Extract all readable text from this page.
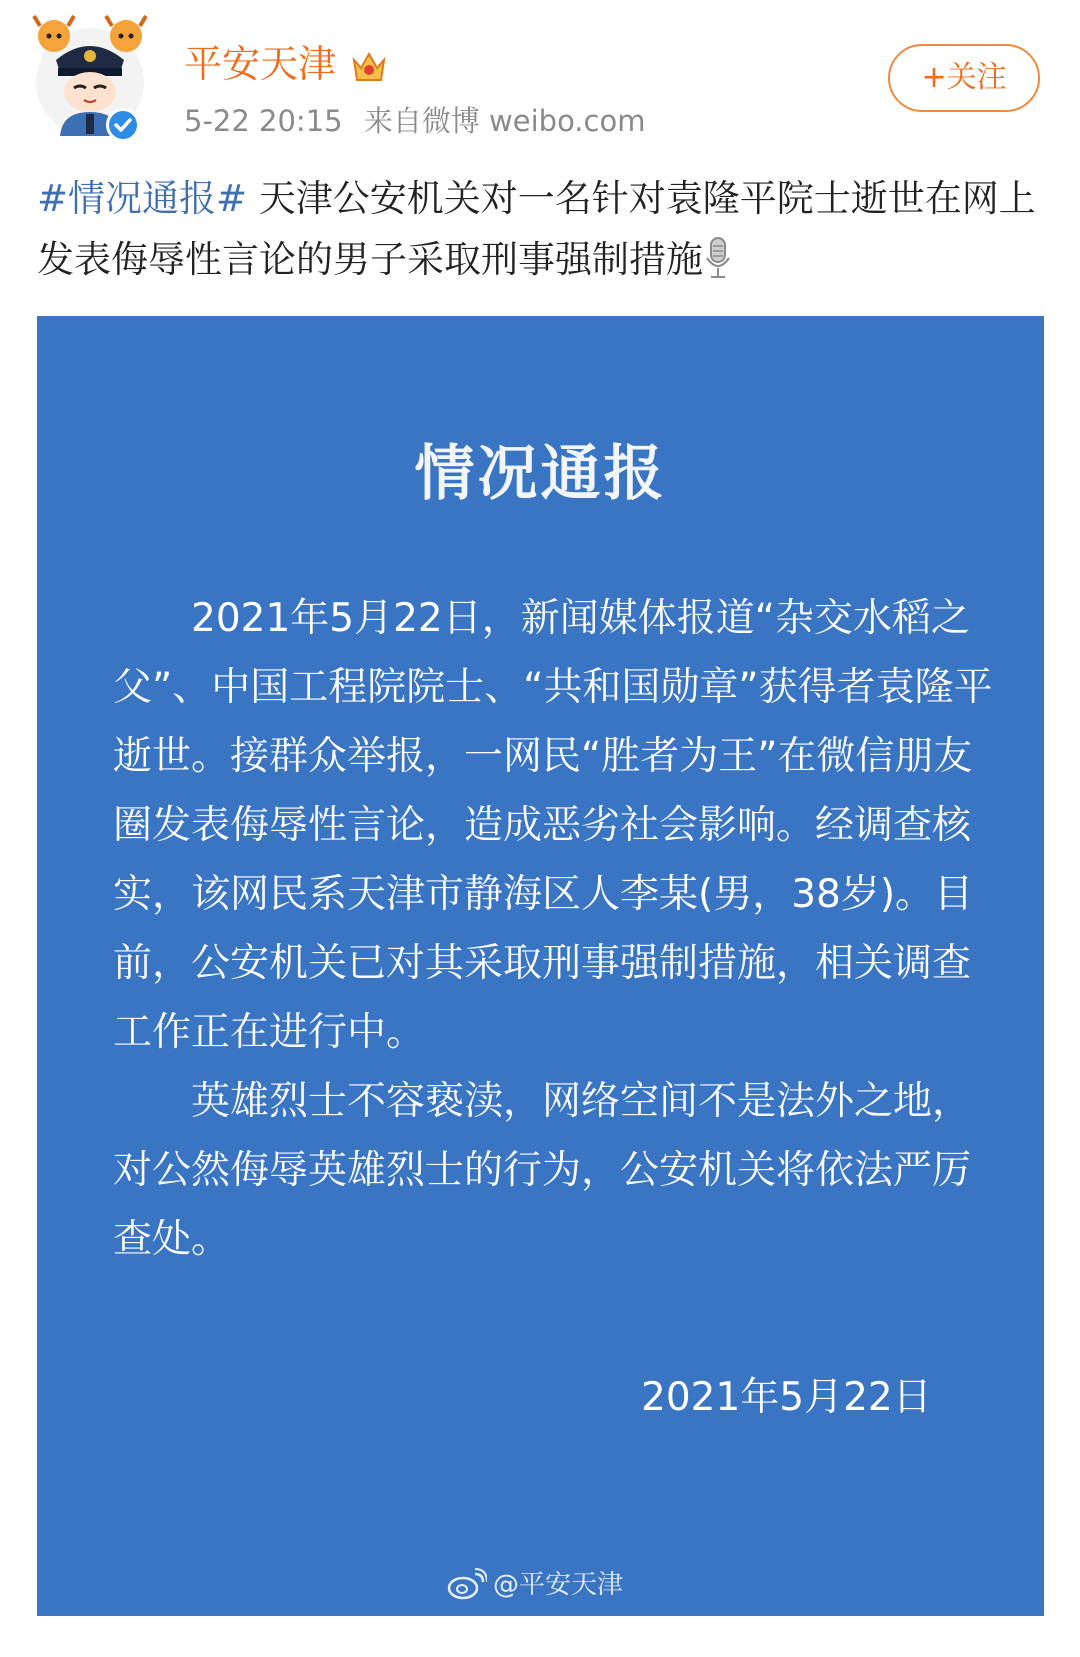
平安天津
5-22 20:15 来自微博 weibo.com
+关注
#情况通报# 天津公安机关对一名针对袁隆平院士逝世在网上发表侮辱性言论的男子采取刑事强制措施
情况通报

2021年5月22日，新闻媒体报道“杂交水稻之父”、中国工程院院士、“共和国勋章”获得者袁隆平逝世。接群众举报，一网民“胜者为王”在微信朋友圈发表侮辱性言论，造成恶劣社会影响。经调查核实，该网民系天津市静海区人李某(男，38岁)。目前，公安机关已对其采取刑事强制措施，相关调查工作正在进行中。

英雄烈士不容亵渎，网络空间不是法外之地，对公然侮辱英雄烈士的行为，公安机关将依法严厉查处。

2021年5月22日
@平安天津
